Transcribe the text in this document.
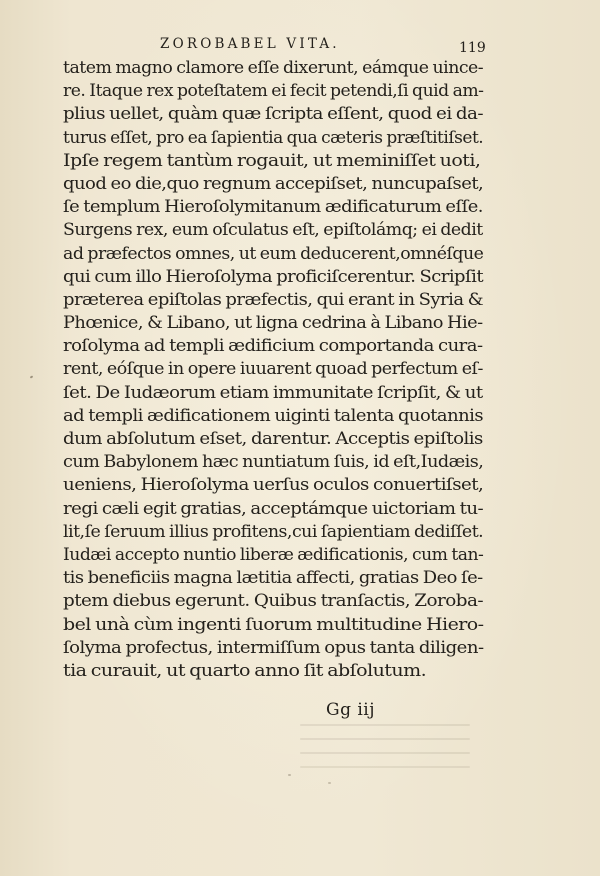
ZOROBABEL VITA.	119
tatem magno clamore eſſe dixerunt, eámque uince-
re. Itaque rex poteſtatem ei fecit petendi,ſi quid am-
plius uellet, quàm quæ ſcripta eſſent, quod ei da-
turus eſſet, pro ea ſapientia qua cæteris præſtitiſset.
Ipſe regem tantùm rogauit, ut meminiſſet uoti,
quod eo die,quo regnum accepiſset, nuncupaſset,
ſe templum Hieroſolymitanum ædificaturum eſſe.
Surgens rex, eum oſculatus eſt, epiſtolámq; ei dedit
ad præfectos omnes, ut eum deducerent,omnéſque
qui cum illo Hieroſolyma proficiſcerentur. Scripſit
præterea epiſtolas præfectis, qui erant in Syria &
Phœnice, & Libano, ut ligna cedrina à Libano Hie-
roſolyma ad templi ædificium comportanda cura-
rent, eóſque in opere iuuarent quoad perfectum eſ-
ſet. De Iudæorum etiam immunitate ſcripſit, & ut
ad templi ædificationem uiginti talenta quotannis
dum abſolutum eſset, darentur. Acceptis epiſtolis
cum Babylonem hæc nuntiatum ſuis, id eſt,Iudæis,
ueniens, Hieroſolyma uerſus oculos conuertiſset,
regi cæli egit gratias, acceptámque uictoriam tu-
lit,ſe ſeruum illius profitens,cui ſapientiam dediſſet.
Iudæi accepto nuntio liberæ ædificationis, cum tan-
tis beneficiis magna lætitia affecti, gratias Deo ſe-
ptem diebus egerunt. Quibus tranſactis, Zoroba-
bel unà cùm ingenti ſuorum multitudine Hiero-
ſolyma profectus, intermiſſum opus tanta diligen-
tia curauit, ut quarto anno ſit abſolutum.
Gg iij
